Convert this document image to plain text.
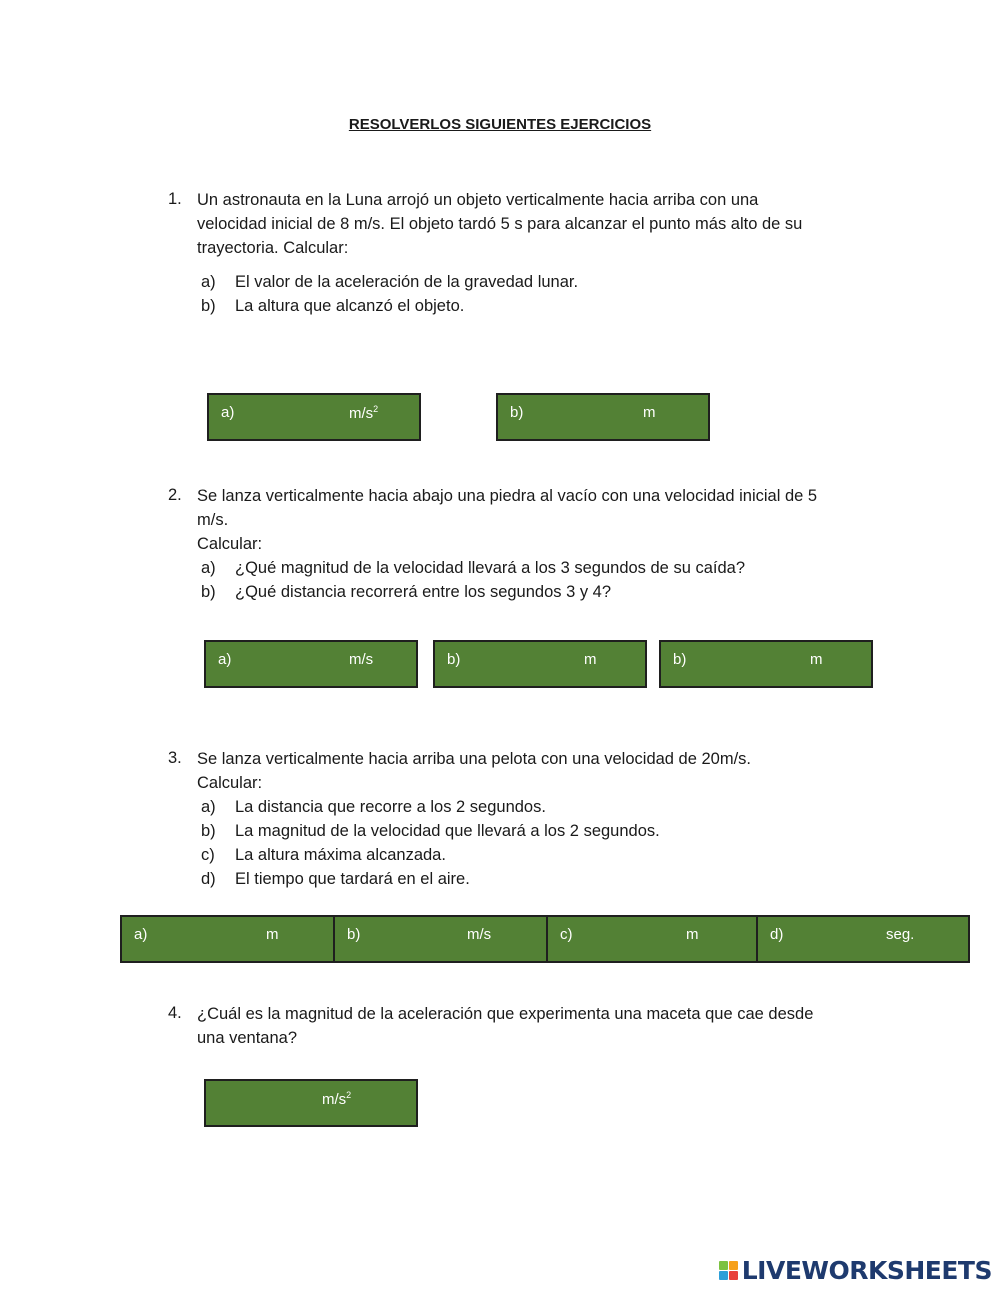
RESOLVERLOS SIGUIENTES EJERCICIOS
1. Un astronauta en la Luna arrojó un objeto verticalmente hacia arriba con una
velocidad inicial de 8 m/s. El objeto tardó 5 s para alcanzar el punto más alto de su
trayectoria. Calcular:
a) El valor de la aceleración de la gravedad lunar.
b) La altura que alcanzó el objeto.
a)	$m/s^2$	b)	m
2. Se lanza verticalmente hacia abajo una piedra al vacío con una velocidad inicial de 5
m/s.
Calcular:
a) ¿Qué magnitud de la velocidad llevará a los 3 segundos de su caída?
b) ¿Qué distancia recorrerá entre los segundos 3 y 4?
a)	m/s	b)	m	b)	m
3. Se lanza verticalmente hacia arriba una pelota con una velocidad de 20m/s.
Calcular:
a) La distancia que recorre a los 2 segundos.
b) La magnitud de la velocidad que llevará a los 2 segundos.
c) La altura máxima alcanzada.
d) El tiempo que tardará en el aire.
a)	m	b)	m/s	c)	m	d)	seg.
4. ¿Cuál es la magnitud de la aceleración que experimenta una maceta que cae desde
una ventana?
$m/s^2$
LIVEWORKSHEETS
